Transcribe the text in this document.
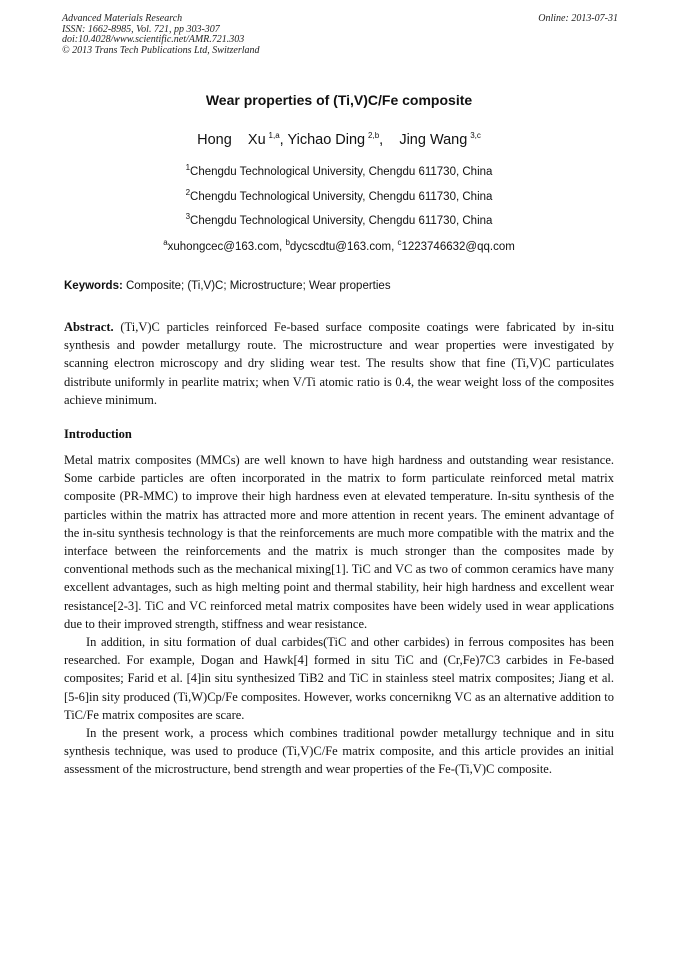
Advanced Materials Research
ISSN: 1662-8985, Vol. 721, pp 303-307
doi:10.4028/www.scientific.net/AMR.721.303
© 2013 Trans Tech Publications Ltd, Switzerland
Online: 2013-07-31
Wear properties of (Ti,V)C/Fe composite
Hong    Xu  $^{1,a}$, Yichao Ding  $^{2,b}$,    Jing Wang  $^{3,c}$
$^1$Chengdu Technological University, Chengdu 611730, China
$^2$Chengdu Technological University, Chengdu 611730, China
$^3$Chengdu Technological University, Chengdu 611730, China
$^a$xuhongcec@163.com, $^b$dycscdtu@163.com, $^c$1223746632@qq.com
Keywords: Composite; (Ti,V)C; Microstructure; Wear properties

Abstract. (Ti,V)C particles reinforced Fe-based surface composite coatings were fabricated by in-situ synthesis and powder metallurgy route. The microstructure and wear properties were investigated by scanning electron microscopy and dry sliding wear test. The results show that fine (Ti,V)C particulates distribute uniformly in pearlite matrix; when V/Ti atomic ratio is 0.4, the wear weight loss of the composites achieve minimum.

Introduction

Metal matrix composites (MMCs) are well known to have high hardness and outstanding wear resistance. Some carbide particles are often incorporated in the matrix to form particulate reinforced metal matrix composite (PR-MMC) to improve their high hardness even at elevated temperature. In-situ synthesis of the particles within the matrix has attracted more and more attention in recent years. The eminent advantage of the in-situ synthesis technology is that the reinforcements are much more compatible with the matrix and the interface between the reinforcements and the matrix is much stronger than the composites made by conventional methods such as the mechanical mixing[1]. TiC and VC as two of common ceramics have many excellent advantages, such as high melting point and thermal stability, heir high hardness and excellent wear resistance[2-3]. TiC and VC reinforced metal matrix composites have been widely used in wear applications due to their improved strength, stiffness and wear resistance.

In addition, in situ formation of dual carbides(TiC and other carbides) in ferrous composites has been researched. For example, Dogan and Hawk[4] formed in situ TiC and (Cr,Fe)7C3 carbides in Fe-based composites; Farid et al. [4]in situ synthesized TiB2 and TiC in stainless steel matrix composites; Jiang et al. [5-6]in sity produced (Ti,W)Cp/Fe composites. However, works concernikng VC as an alternative addition to TiC/Fe matrix composites are scare.

In the present work, a process which combines traditional powder metallurgy technique and in situ synthesis technique, was used to produce (Ti,V)C/Fe matrix composite, and this article provides an initial assessment of the microstructure, bend strength and wear properties of the Fe-(Ti,V)C composite.
